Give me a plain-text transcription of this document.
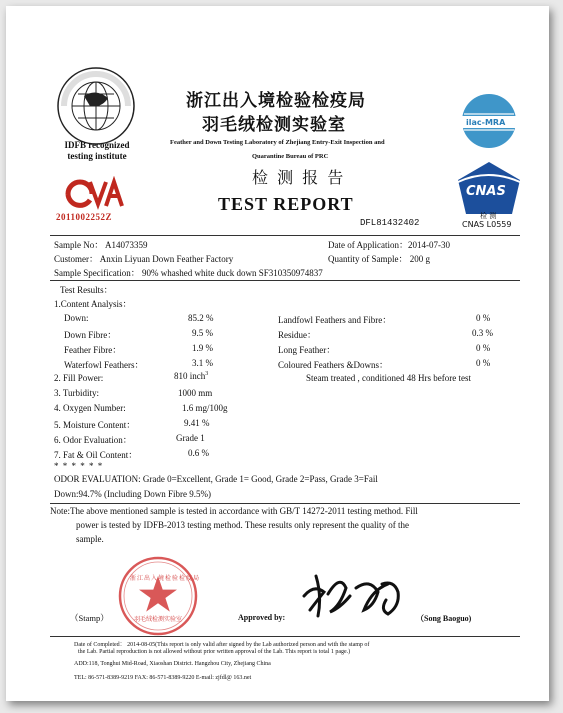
IDFB recognized
testing institute
2011002252Z
浙江出入境检验检疫局
羽毛绒检测实验室
Feather and Down Testing Laboratory of Zhejiang Entry-Exit Inspection and
Quarantine Bureau of PRC
检 测 报 告
TEST REPORT
DFL81432402
ilac-MRA
CNAS
检 测
CNAS L0559
Sample No： A14073359	Date of Application：2014-07-30
Customer： Anxin Liyuan Down Feather Factory	Quantity of Sample： 200 g
Sample Specification： 90% whashed white duck down SF310350974837
Test Results：
1.Content Analysis：
Down:	85.2 %
Down Fibre：	9.5 %
Feather Fibre：	1.9 %
Waterfowl Feathers：	3.1 %
Landfowl Feathers and Fibre：	0 %
Residue：	0.3 %
Long Feather：	0 %
Coloured Feathers &Downs：	0 %
2. Fill Power:	810 inch$^3$	Steam treated , conditioned 48 Hrs before test
3. Turbidity:	1000 mm
4. Oxygen Number:	1.6 mg/100g
5. Moisture Content：	9.41 %
6. Odor Evaluation：	Grade 1
7. Fat & Oil Content：	0.6 %
* * * * * *
ODOR EVALUATION: Grade 0=Excellent, Grade 1= Good, Grade 2=Pass, Grade 3=Fail
Down:94.7% (Including Down Fibre 9.5%)
Note:The above mentioned sample is tested in accordance with GB/T 14272-2011 testing method. Fill
power is tested by IDFB-2013 testing method. These results only represent the quality of the
sample.
浙江出入境检验检疫局
羽毛绒检测实验室
（Stamp）	Approved by:	（Song Baoguo)
Date of Completed： 2014-08-05(This report is only valid after signed by the Lab authorized person and with the stamp of
the Lab. Partial reproduction is not allowed without prior written approval of the Lab. This report is total 1 page.)
ADD:118, Tonghui Mid-Road, Xiaoshan District. Hangzhou City, Zhejiang China
TEL: 86-571-8389-9219 FAX: 86-571-8389-9220 E-mail: zjfdl@ 163.net
